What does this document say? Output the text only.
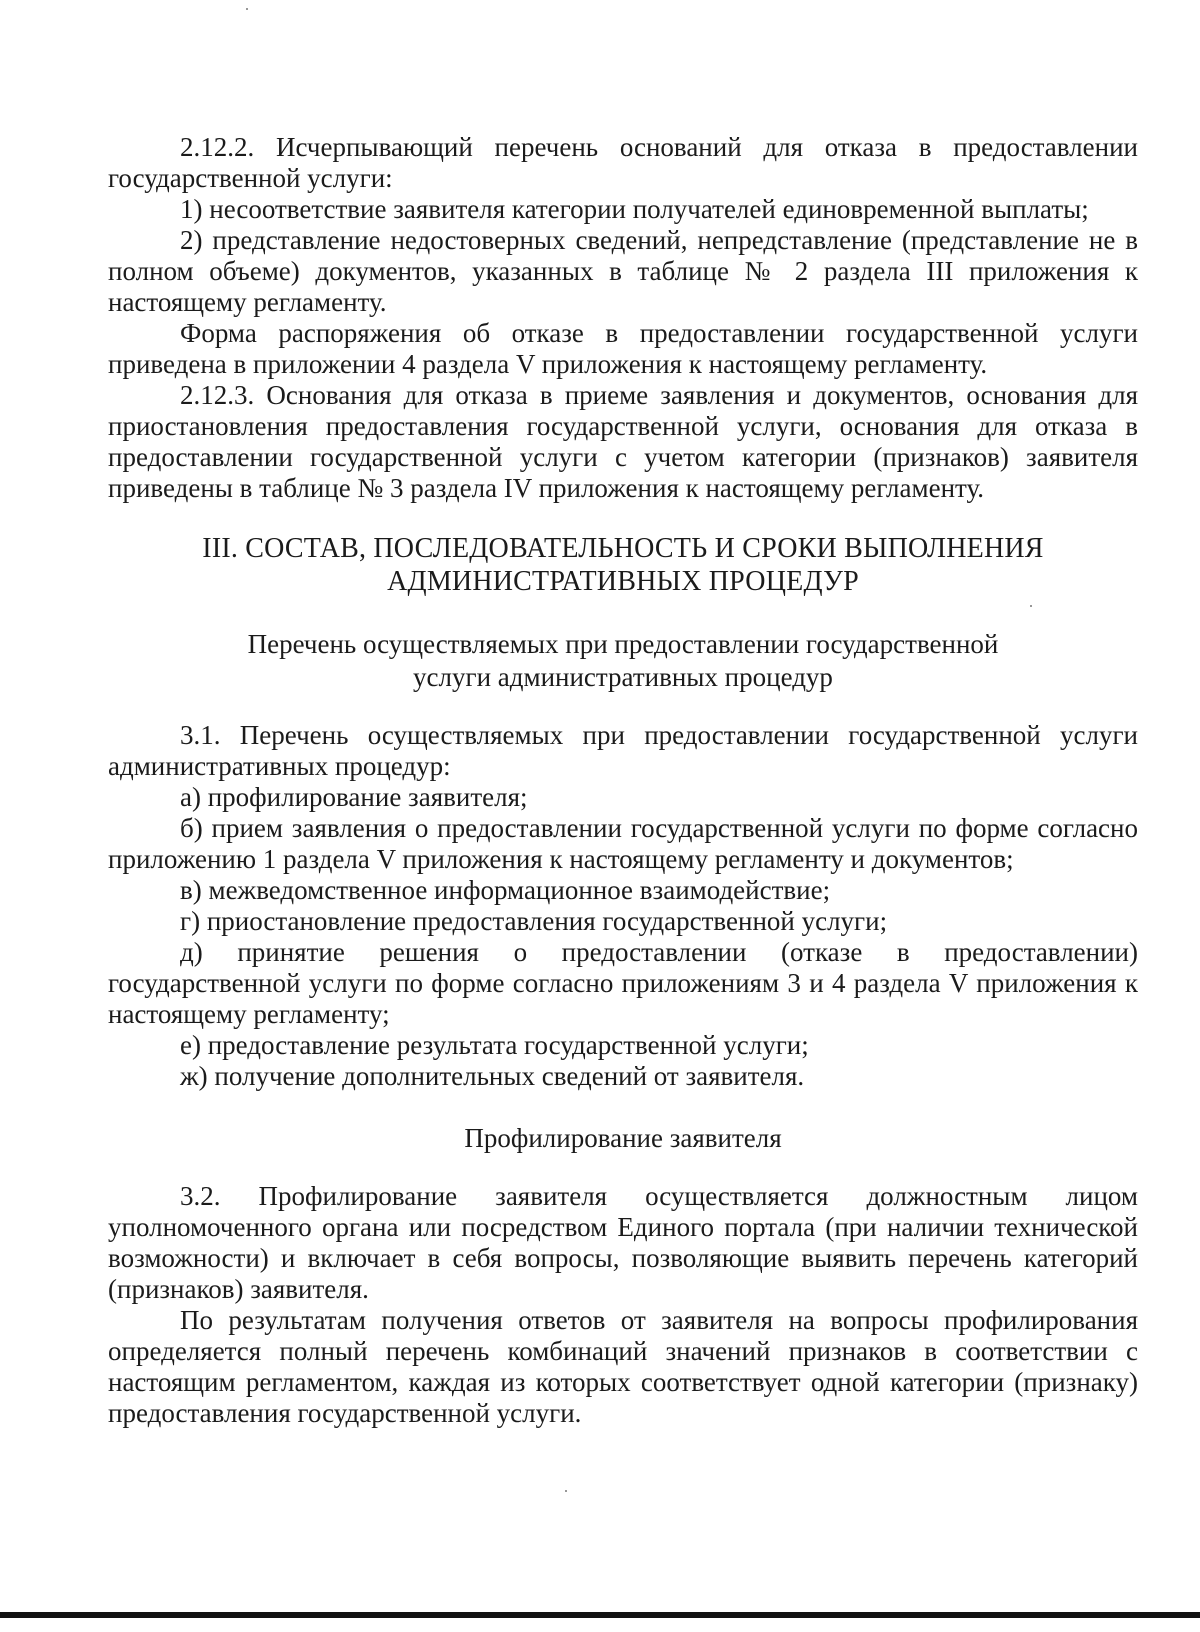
2.12.2. Исчерпывающий перечень оснований для отказа в предоставлении государственной услуги:

1) несоответствие заявителя категории получателей единовременной выплаты;

2) представление недостоверных сведений, непредставление (представление не в полном объеме) документов, указанных в таблице № 2 раздела III приложения к настоящему регламенту.

Форма распоряжения об отказе в предоставлении государственной услуги приведена в приложении 4 раздела V приложения к настоящему регламенту.

2.12.3. Основания для отказа в приеме заявления и документов, основания для приостановления предоставления государственной услуги, основания для отказа в предоставлении государственной услуги с учетом категории (признаков) заявителя приведены в таблице № 3 раздела IV приложения к настоящему регламенту.

III. СОСТАВ, ПОСЛЕДОВАТЕЛЬНОСТЬ И СРОКИ ВЫПОЛНЕНИЯ
АДМИНИСТРАТИВНЫХ ПРОЦЕДУР
Перечень осуществляемых при предоставлении государственной
услуги административных процедур

3.1. Перечень осуществляемых при предоставлении государственной услуги административных процедур:

а) профилирование заявителя;

б) прием заявления о предоставлении государственной услуги по форме согласно приложению 1 раздела V приложения к настоящему регламенту и документов;

в) межведомственное информационное взаимодействие;

г) приостановление предоставления государственной услуги;

д) принятие решения о предоставлении (отказе в предоставлении) государственной услуги по форме согласно приложениям 3 и 4 раздела V приложения к настоящему регламенту;

е) предоставление результата государственной услуги;

ж) получение дополнительных сведений от заявителя.

Профилирование заявителя

3.2. Профилирование заявителя осуществляется должностным лицом уполномоченного органа или посредством Единого портала (при наличии технической возможности) и включает в себя вопросы, позволяющие выявить перечень категорий (признаков) заявителя.

По результатам получения ответов от заявителя на вопросы профилирования определяется полный перечень комбинаций значений признаков в соответствии с настоящим регламентом, каждая из которых соответствует одной категории (признаку) предоставления государственной услуги.
